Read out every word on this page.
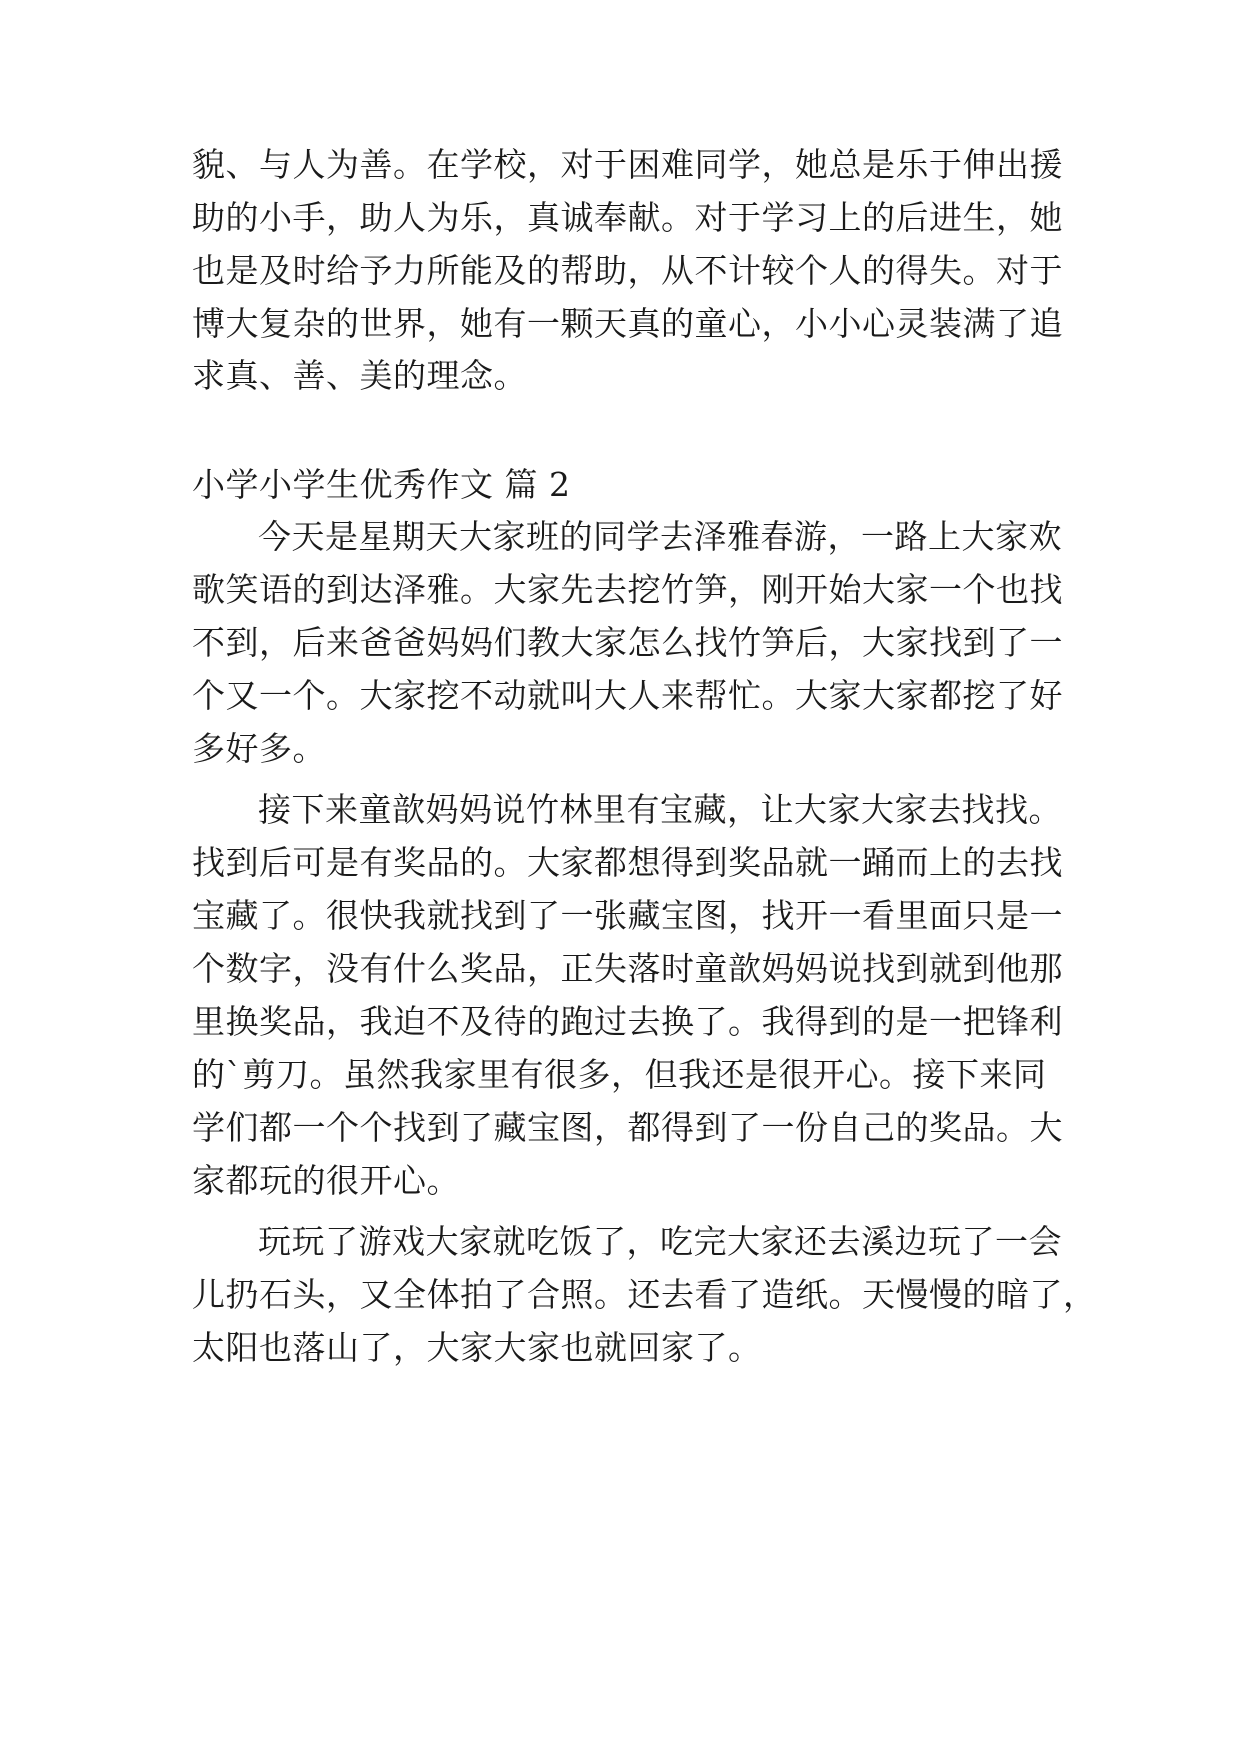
貌、与人为善。在学校，对于困难同学，她总是乐于伸出援
助的小手，助人为乐，真诚奉献。对于学习上的后进生，她
也是及时给予力所能及的帮助，从不计较个人的得失。对于
博大复杂的世界，她有一颗天真的童心，小小心灵装满了追
求真、善、美的理念。
小学小学生优秀作文 篇 2
今天是星期天大家班的同学去泽雅春游，一路上大家欢
歌笑语的到达泽雅。大家先去挖竹笋，刚开始大家一个也找
不到，后来爸爸妈妈们教大家怎么找竹笋后，大家找到了一
个又一个。大家挖不动就叫大人来帮忙。大家大家都挖了好
多好多。
接下来童歆妈妈说竹林里有宝藏，让大家大家去找找。
找到后可是有奖品的。大家都想得到奖品就一踊而上的去找
宝藏了。很快我就找到了一张藏宝图，找开一看里面只是一
个数字，没有什么奖品，正失落时童歆妈妈说找到就到他那
里换奖品，我迫不及待的跑过去换了。我得到的是一把锋利
的`剪刀。虽然我家里有很多，但我还是很开心。接下来同
学们都一个个找到了藏宝图，都得到了一份自己的奖品。大
家都玩的很开心。
玩玩了游戏大家就吃饭了，吃完大家还去溪边玩了一会
儿扔石头，又全体拍了合照。还去看了造纸。天慢慢的暗了，
太阳也落山了，大家大家也就回家了。
